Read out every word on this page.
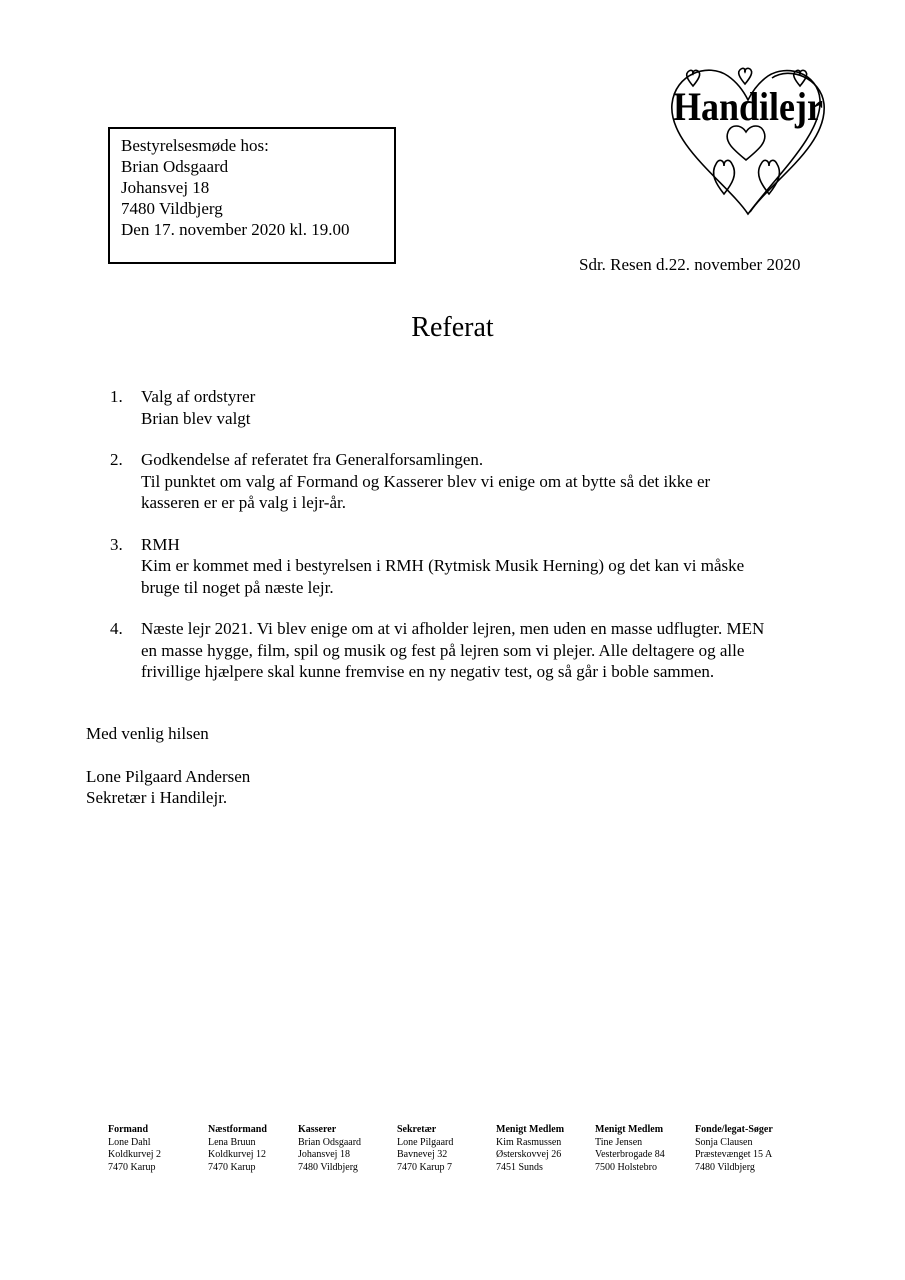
Bestyrelsesmøde hos:
Brian Odsgaard
Johansvej 18
7480 Vildbjerg
Den 17. november 2020 kl. 19.00
Handilejr
Sdr. Resen d.22. november 2020
Referat
1. Valg af ordstyrer
Brian blev valgt
2. Godkendelse af referatet fra Generalforsamlingen.
Til punktet om valg af Formand og Kasserer blev vi enige om at bytte så det ikke er
kasseren er er på valg i lejr-år.
3. RMH
Kim er kommet med i bestyrelsen i RMH (Rytmisk Musik Herning) og det kan vi måske
bruge til noget på næste lejr.
4. Næste lejr 2021. Vi blev enige om at vi afholder lejren, men uden en masse udflugter. MEN
en masse hygge, film, spil og musik og fest på lejren som vi plejer. Alle deltagere og alle
frivillige hjælpere skal kunne fremvise en ny negativ test, og så går i boble sammen.
Med venlig hilsen
Lone Pilgaard Andersen
Sekretær i Handilejr.
Formand
Lone Dahl
Koldkurvej 2
7470 Karup
Næstformand
Lena Bruun
Koldkurvej 12
7470 Karup
Kasserer
Brian Odsgaard
Johansvej 18
7480 Vildbjerg
Sekretær
Lone Pilgaard
Bavnevej 32
7470 Karup 7
Menigt Medlem
Kim Rasmussen
Østerskovvej 26
7451 Sunds
Menigt Medlem
Tine Jensen
Vesterbrogade 84
7500 Holstebro
Fonde/legat-Søger
Sonja Clausen
Præstevænget 15 A
7480 Vildbjerg
